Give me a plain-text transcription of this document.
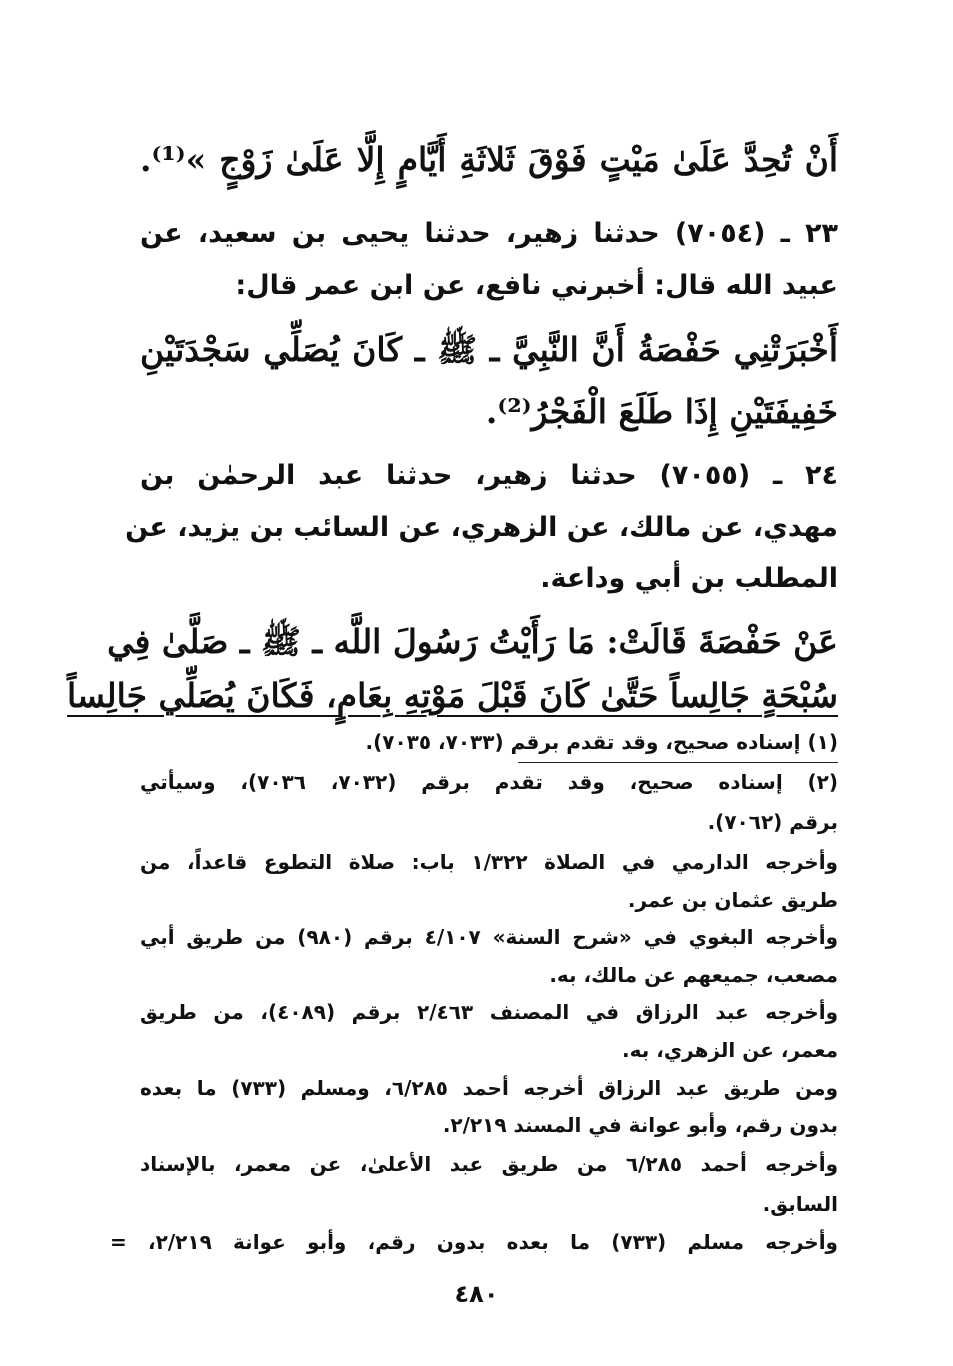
أَنْ تُحِدَّ عَلَىٰ مَيْتٍ فَوْقَ ثَلاثَةِ أَيَّامٍ إِلَّا عَلَىٰ زَوْجٍ »⁽¹⁾.
٢٣ ـ (٧٠٥٤) حدثنا زهير، حدثنا يحيى بن سعيد، عن
عبيد الله قال: أخبرني نافع، عن ابن عمر قال:
أَخْبَرَتْنِي حَفْصَةُ أَنَّ النَّبِيَّ ـ ﷺ ـ كَانَ يُصَلِّي سَجْدَتَيْنِ
خَفِيفَتَيْنِ إِذَا طَلَعَ الْفَجْرُ⁽²⁾.
٢٤ ـ (٧٠٥٥) حدثنا زهير، حدثنا عبد الرحمٰن بن
مهدي، عن مالك، عن الزهري، عن السائب بن يزيد، عن
المطلب بن أبي وداعة.
عَنْ حَفْصَةَ قَالَتْ: مَا رَأَيْتُ رَسُولَ اللَّه ـ ﷺ ـ صَلَّىٰ فِي
سُبْحَةٍ جَالِساً حَتَّىٰ كَانَ قَبْلَ مَوْتِهِ بِعَامٍ، فَكَانَ يُصَلِّي جَالِساً
(١) إسناده صحيح، وقد تقدم برقم (٧٠٣٣، ٧٠٣٥).
(٢) إسناده صحيح، وقد تقدم برقم (٧٠٣٢، ٧٠٣٦)، وسيأتي
برقم (٧٠٦٢).
وأخرجه الدارمي في الصلاة ١/٣٢٢ باب: صلاة التطوع قاعداً، من
طريق عثمان بن عمر.
وأخرجه البغوي في «شرح السنة» ٤/١٠٧ برقم (٩٨٠) من طريق أبي
مصعب، جميعهم عن مالك، به.
وأخرجه عبد الرزاق في المصنف ٢/٤٦٣ برقم (٤٠٨٩)، من طريق
معمر، عن الزهري، به.
ومن طريق عبد الرزاق أخرجه أحمد ٦/٢٨٥، ومسلم (٧٣٣) ما بعده
بدون رقم، وأبو عوانة في المسند ٢/٢١٩.
وأخرجه أحمد ٦/٢٨٥ من طريق عبد الأعلىٰ، عن معمر، بالإسناد
السابق.
وأخرجه مسلم (٧٣٣) ما بعده بدون رقم، وأبو عوانة ٢/٢١٩، =
٤٨٠
